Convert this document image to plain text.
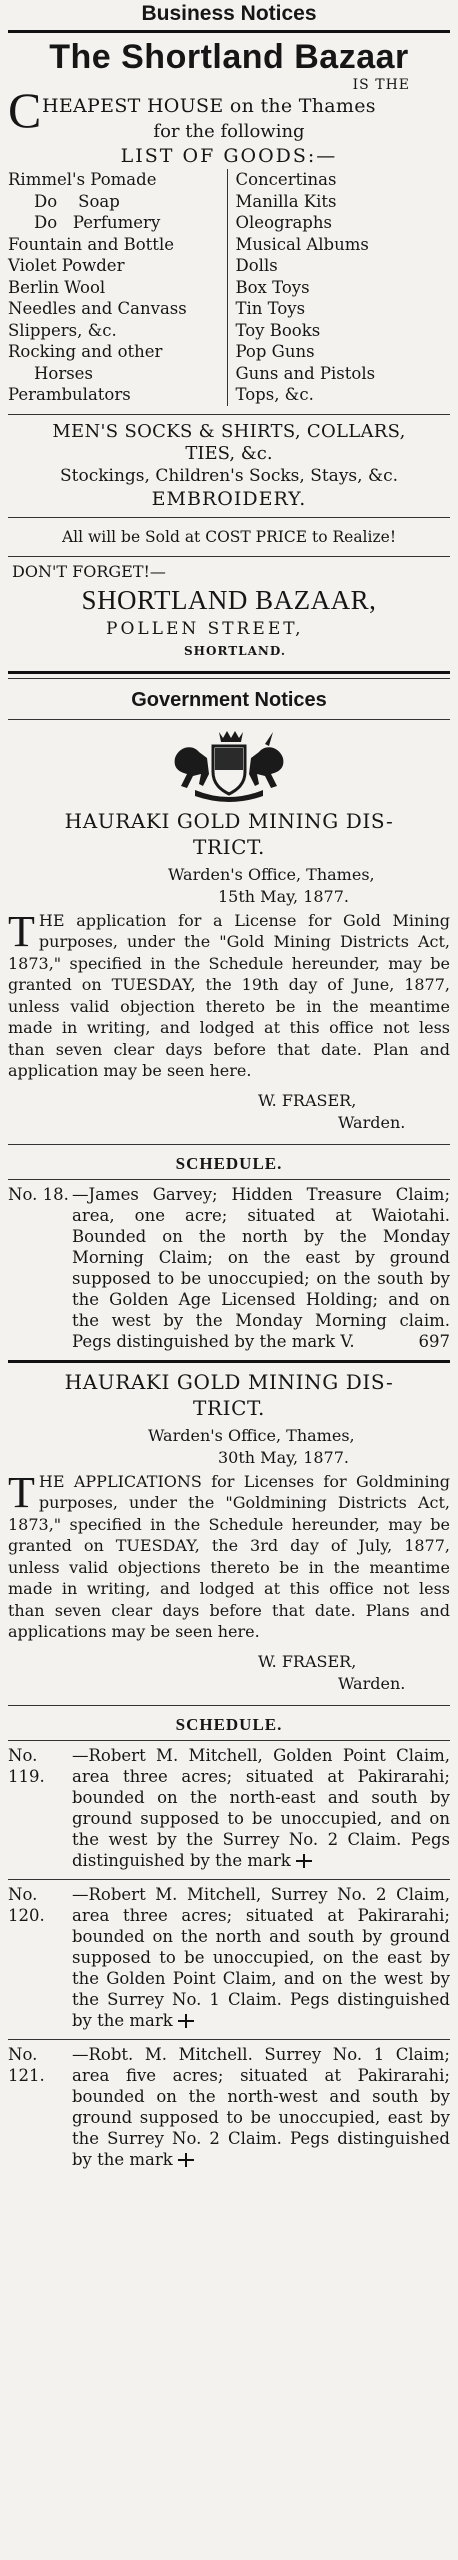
Business Notices
The Shortland Bazaar
IS THE
C HEAPEST HOUSE on the Thames
for the following
LIST OF GOODS:—
Rimmel's Pomade
Do    Soap
Do   Perfumery
Fountain and Bottle
Violet Powder
Berlin Wool
Needles and Canvass
Slippers, &c.
Rocking and other
Horses
Perambulators
Concertinas
Manilla Kits
Oleographs
Musical Albums
Dolls
Box Toys
Tin Toys
Toy Books
Pop Guns
Guns and Pistols
Tops, &c.
MEN'S SOCKS & SHIRTS, COLLARS,
TIES, &c.
Stockings, Children's Socks, Stays, &c.
EMBROIDERY.
All will be Sold at COST PRICE to Realize!
DON'T FORGET!—
SHORTLAND BAZAAR,
POLLEN STREET,
SHORTLAND.
Government Notices
HAURAKI GOLD MINING DIS-
TRICT.
Warden's Office, Thames,
15th May, 1877.
T HE application for a License for Gold Mining purposes, under the "Gold Mining Districts Act, 1873," specified in the Schedule hereunder, may be granted on TUESDAY, the 19th day of June, 1877, unless valid objection thereto be in the meantime made in writing, and lodged at this office not less than seven clear days before that date. Plan and application may be seen here.
W. FRASER,
Warden.
SCHEDULE.
No. 18. —James Garvey; Hidden Treasure Claim; area, one acre; situated at Waiotahi. Bounded on the north by the Monday Morning Claim; on the east by ground supposed to be unoccupied; on the south by the Golden Age Licensed Holding; and on the west by the Monday Morning claim. Pegs distinguished by the mark V.	697
HAURAKI GOLD MINING DIS-
TRICT.
Warden's Office, Thames,
30th May, 1877.
T HE APPLICATIONS for Licenses for Goldmining purposes, under the "Goldmining Districts Act, 1873," specified in the Schedule hereunder, may be granted on TUESDAY, the 3rd day of July, 1877, unless valid objections thereto be in the meantime made in writing, and lodged at this office not less than seven clear days before that date. Plans and applications may be seen here.
W. FRASER,
Warden.
SCHEDULE.
No. 119.
—Robert M. Mitchell, Golden Point Claim, area three acres; situated at Pakirarahi; bounded on the north-east and south by ground supposed to be unoccupied, and on the west by the Surrey No. 2 Claim. Pegs distinguished by the mark
No. 120.
—Robert M. Mitchell, Surrey No. 2 Claim, area three acres; situated at Pakirarahi; bounded on the north and south by ground supposed to be unoccupied, on the east by the Golden Point Claim, and on the west by the Surrey No. 1 Claim. Pegs distinguished by the mark
No. 121.
—Robt. M. Mitchell. Surrey No. 1 Claim; area five acres; situated at Pakirarahi; bounded on the north-west and south by ground supposed to be unoccupied, east by the Surrey No. 2 Claim. Pegs distinguished by the mark
